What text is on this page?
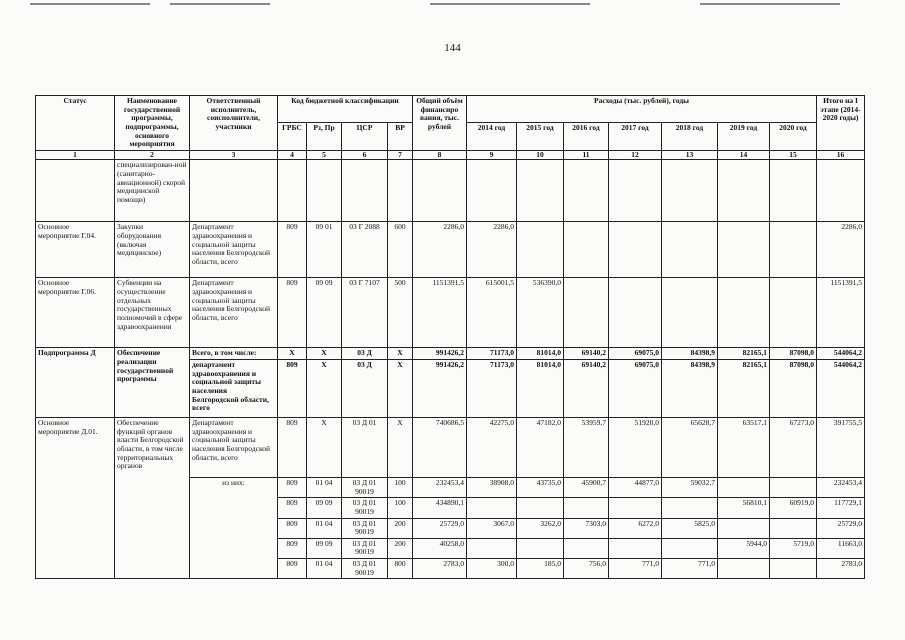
144
Статус	Наименование государственной программы, подпрограммы, основного мероприятия	Ответственный исполнитель, соисполнители, участники	Код бюджетной классификации				Общий объём финансиро вания, тыс. рублей	Расходы (тыс. рублей), годы							Итого на I этапе (2014-2020 годы)
			ГРБС	Рз, Пр	ЦСР	ВР		2014 год	2015 год	2016 год	2017 год	2018 год	2019 год	2020 год	
1	2	3	4	5	6	7	8	9	10	11	12	13	14	15	16
	специализирован-ной (санитарно-авиационной) скорой медицинской помощи)														
Основное мероприятие Г.04.	Закупки оборудования (включая медицинское)	Департамент здравоохранения и социальной защиты населения Белгородской области, всего	809	09 01	03 Г 2088	600	2286,0	2286,0							2286,0
Основное мероприятие Г.06.	Субвенции на осуществление отдельных государственных полномочий в сфере здравоохранения	Департамент здравоохранения и социальной защиты населения Белгородской области, всего	809	09 09	03 Г 7107	500	1151391,5	615001,5	536390,0						1151391,5
Подпрограмма Д	Обеспечение реализации государственной программы	Всего, в том числе:	X	X	03 Д	X	991426,2	71173,0	81014,0	69140,2	69075,0	84398,9	82165,1	87098,0	544064,2
		департамент здравоохранения и социальной защиты населения Белгородской области, всего	809	X	03 Д	X	991426,2	71173,0	81014,0	69140,2	69075,0	84398,9	82165,1	87098,0	544064,2
Основное мероприятие Д.01.	Обеспечение функций органов власти Белгородской области, в том числе территориальных органов	Департамент здравоохранения и социальной защиты населения Белгородской области, всего	809	X	03 Д 01	X	740686,5	42275,0	47182,0	53959,7	51920,0	65628,7	63517,1	67273,0	391755,5
		из них:	809	01 04	03 Д 01 90019	100	232453,4	38908,0	43735,0	45900,7	44877,0	59032,7			232453,4
			809	09 09	03 Д 01 90019	100	434890,1						56810,1	60919,0	117729,1
			809	01 04	03 Д 01 90019	200	25729,0	3067,0	3262,0	7303,0	6272,0	5825,0			25729,0
			809	09 09	03 Д 01 90019	200	40258,0						5944,0	5719,0	11663,0
			809	01 04	03 Д 01 90019	800	2783,0	300,0	185,0	756,0	771,0	771,0			2783,0
